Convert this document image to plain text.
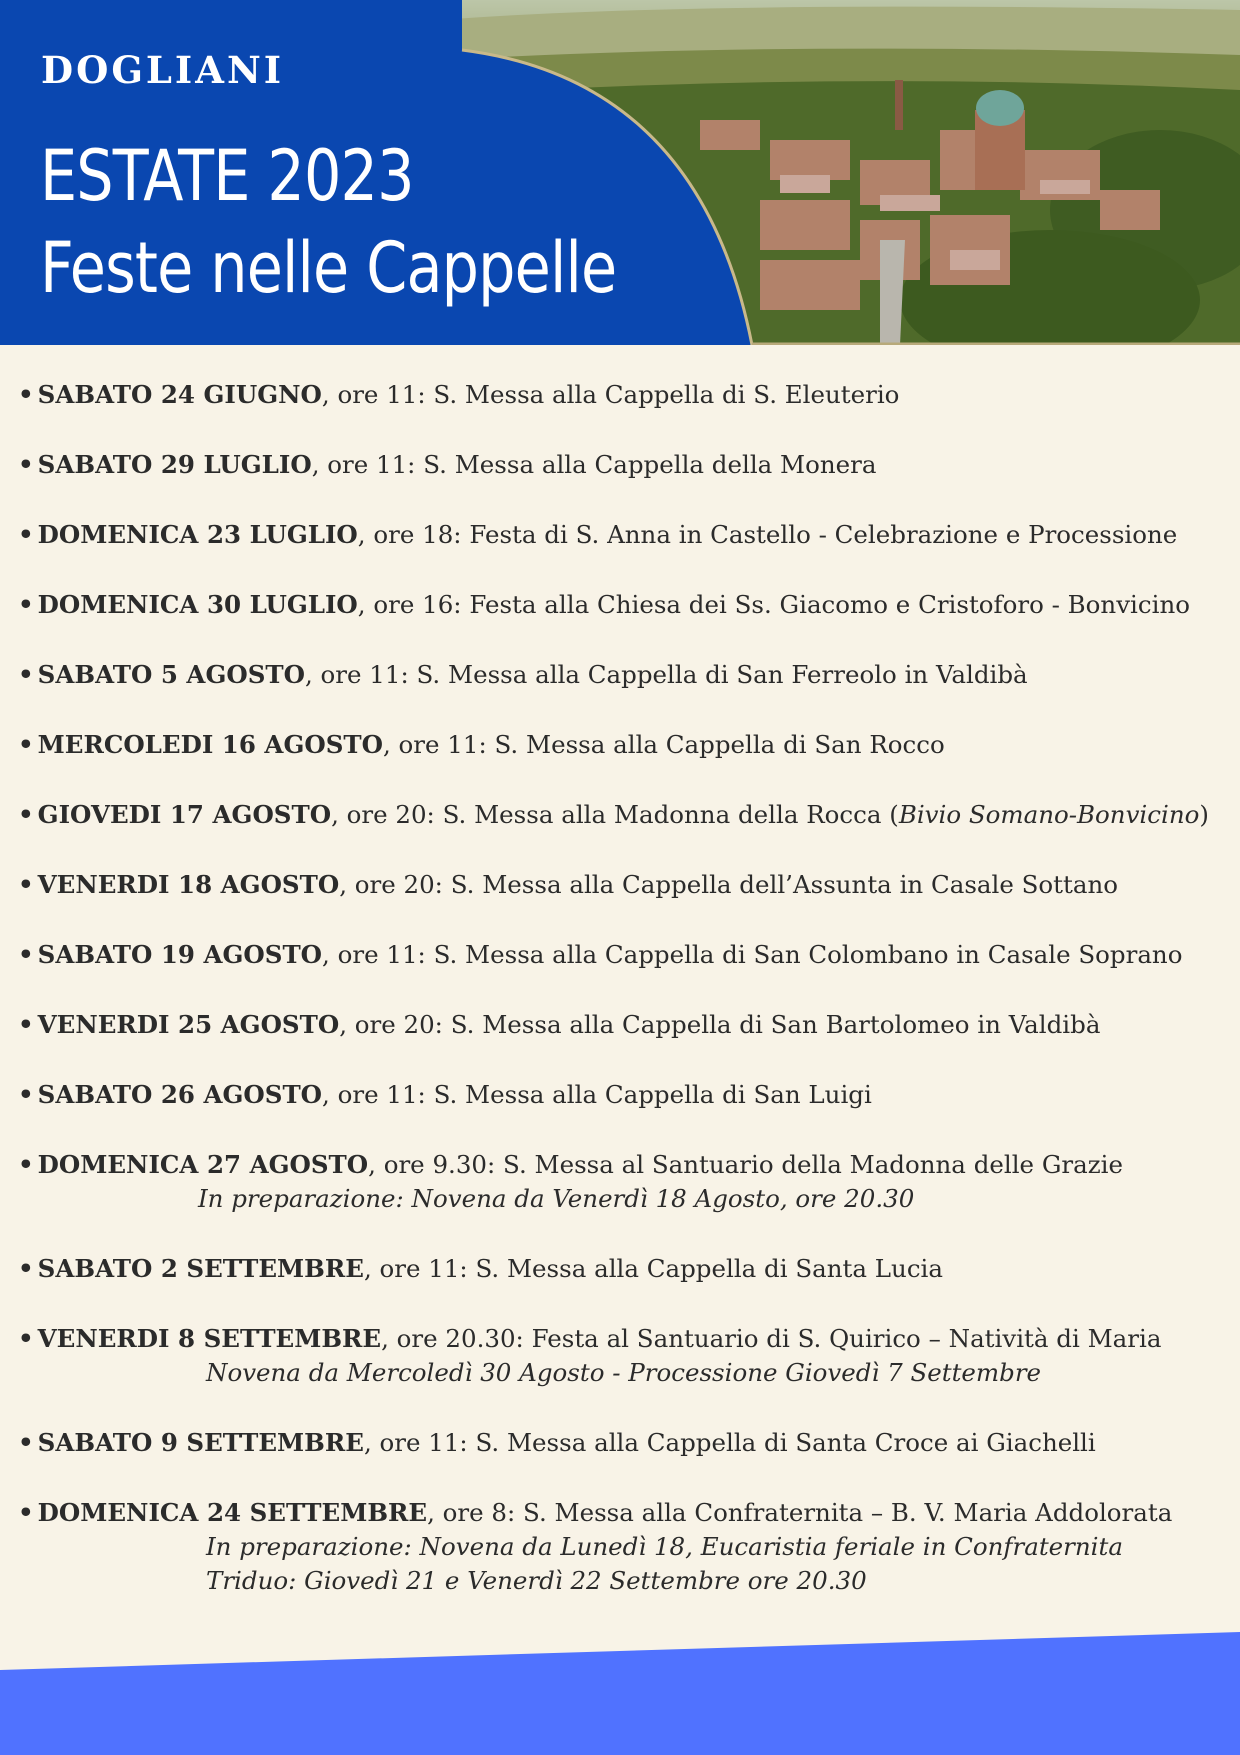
DOGLIANI
ESTATE 2023
Feste nelle Cappelle
• SABATO 24 GIUGNO, ore 11: S. Messa alla Cappella di S. Eleuterio
• SABATO 29 LUGLIO, ore 11: S. Messa alla Cappella della Monera
• DOMENICA 23 LUGLIO, ore 18: Festa di S. Anna in Castello - Celebrazione e Processione
• DOMENICA 30 LUGLIO, ore 16: Festa alla Chiesa dei Ss. Giacomo e Cristoforo - Bonvicino
• SABATO 5 AGOSTO, ore 11: S. Messa alla Cappella di San Ferreolo in Valdibà
• MERCOLEDI 16 AGOSTO, ore 11: S. Messa alla Cappella di San Rocco
• GIOVEDI 17 AGOSTO, ore 20: S. Messa alla Madonna della Rocca (Bivio Somano-Bonvicino)
• VENERDI 18 AGOSTO, ore 20: S. Messa alla Cappella dell’Assunta in Casale Sottano
• SABATO 19 AGOSTO, ore 11: S. Messa alla Cappella di San Colombano in Casale Soprano
• VENERDI 25 AGOSTO, ore 20: S. Messa alla Cappella di San Bartolomeo in Valdibà
• SABATO 26 AGOSTO, ore 11: S. Messa alla Cappella di San Luigi
• DOMENICA 27 AGOSTO, ore 9.30: S. Messa al Santuario della Madonna delle Grazie
In preparazione: Novena da Venerdì 18 Agosto, ore 20.30
• SABATO 2 SETTEMBRE, ore 11: S. Messa alla Cappella di Santa Lucia
• VENERDI 8 SETTEMBRE, ore 20.30: Festa al Santuario di S. Quirico – Natività di Maria
Novena da Mercoledì 30 Agosto - Processione Giovedì 7 Settembre
• SABATO 9 SETTEMBRE, ore 11: S. Messa alla Cappella di Santa Croce ai Giachelli
• DOMENICA 24 SETTEMBRE, ore 8: S. Messa alla Confraternita – B. V. Maria Addolorata
In preparazione: Novena da Lunedì 18, Eucaristia feriale in Confraternita
Triduo: Giovedì 21 e Venerdì 22 Settembre ore 20.30
